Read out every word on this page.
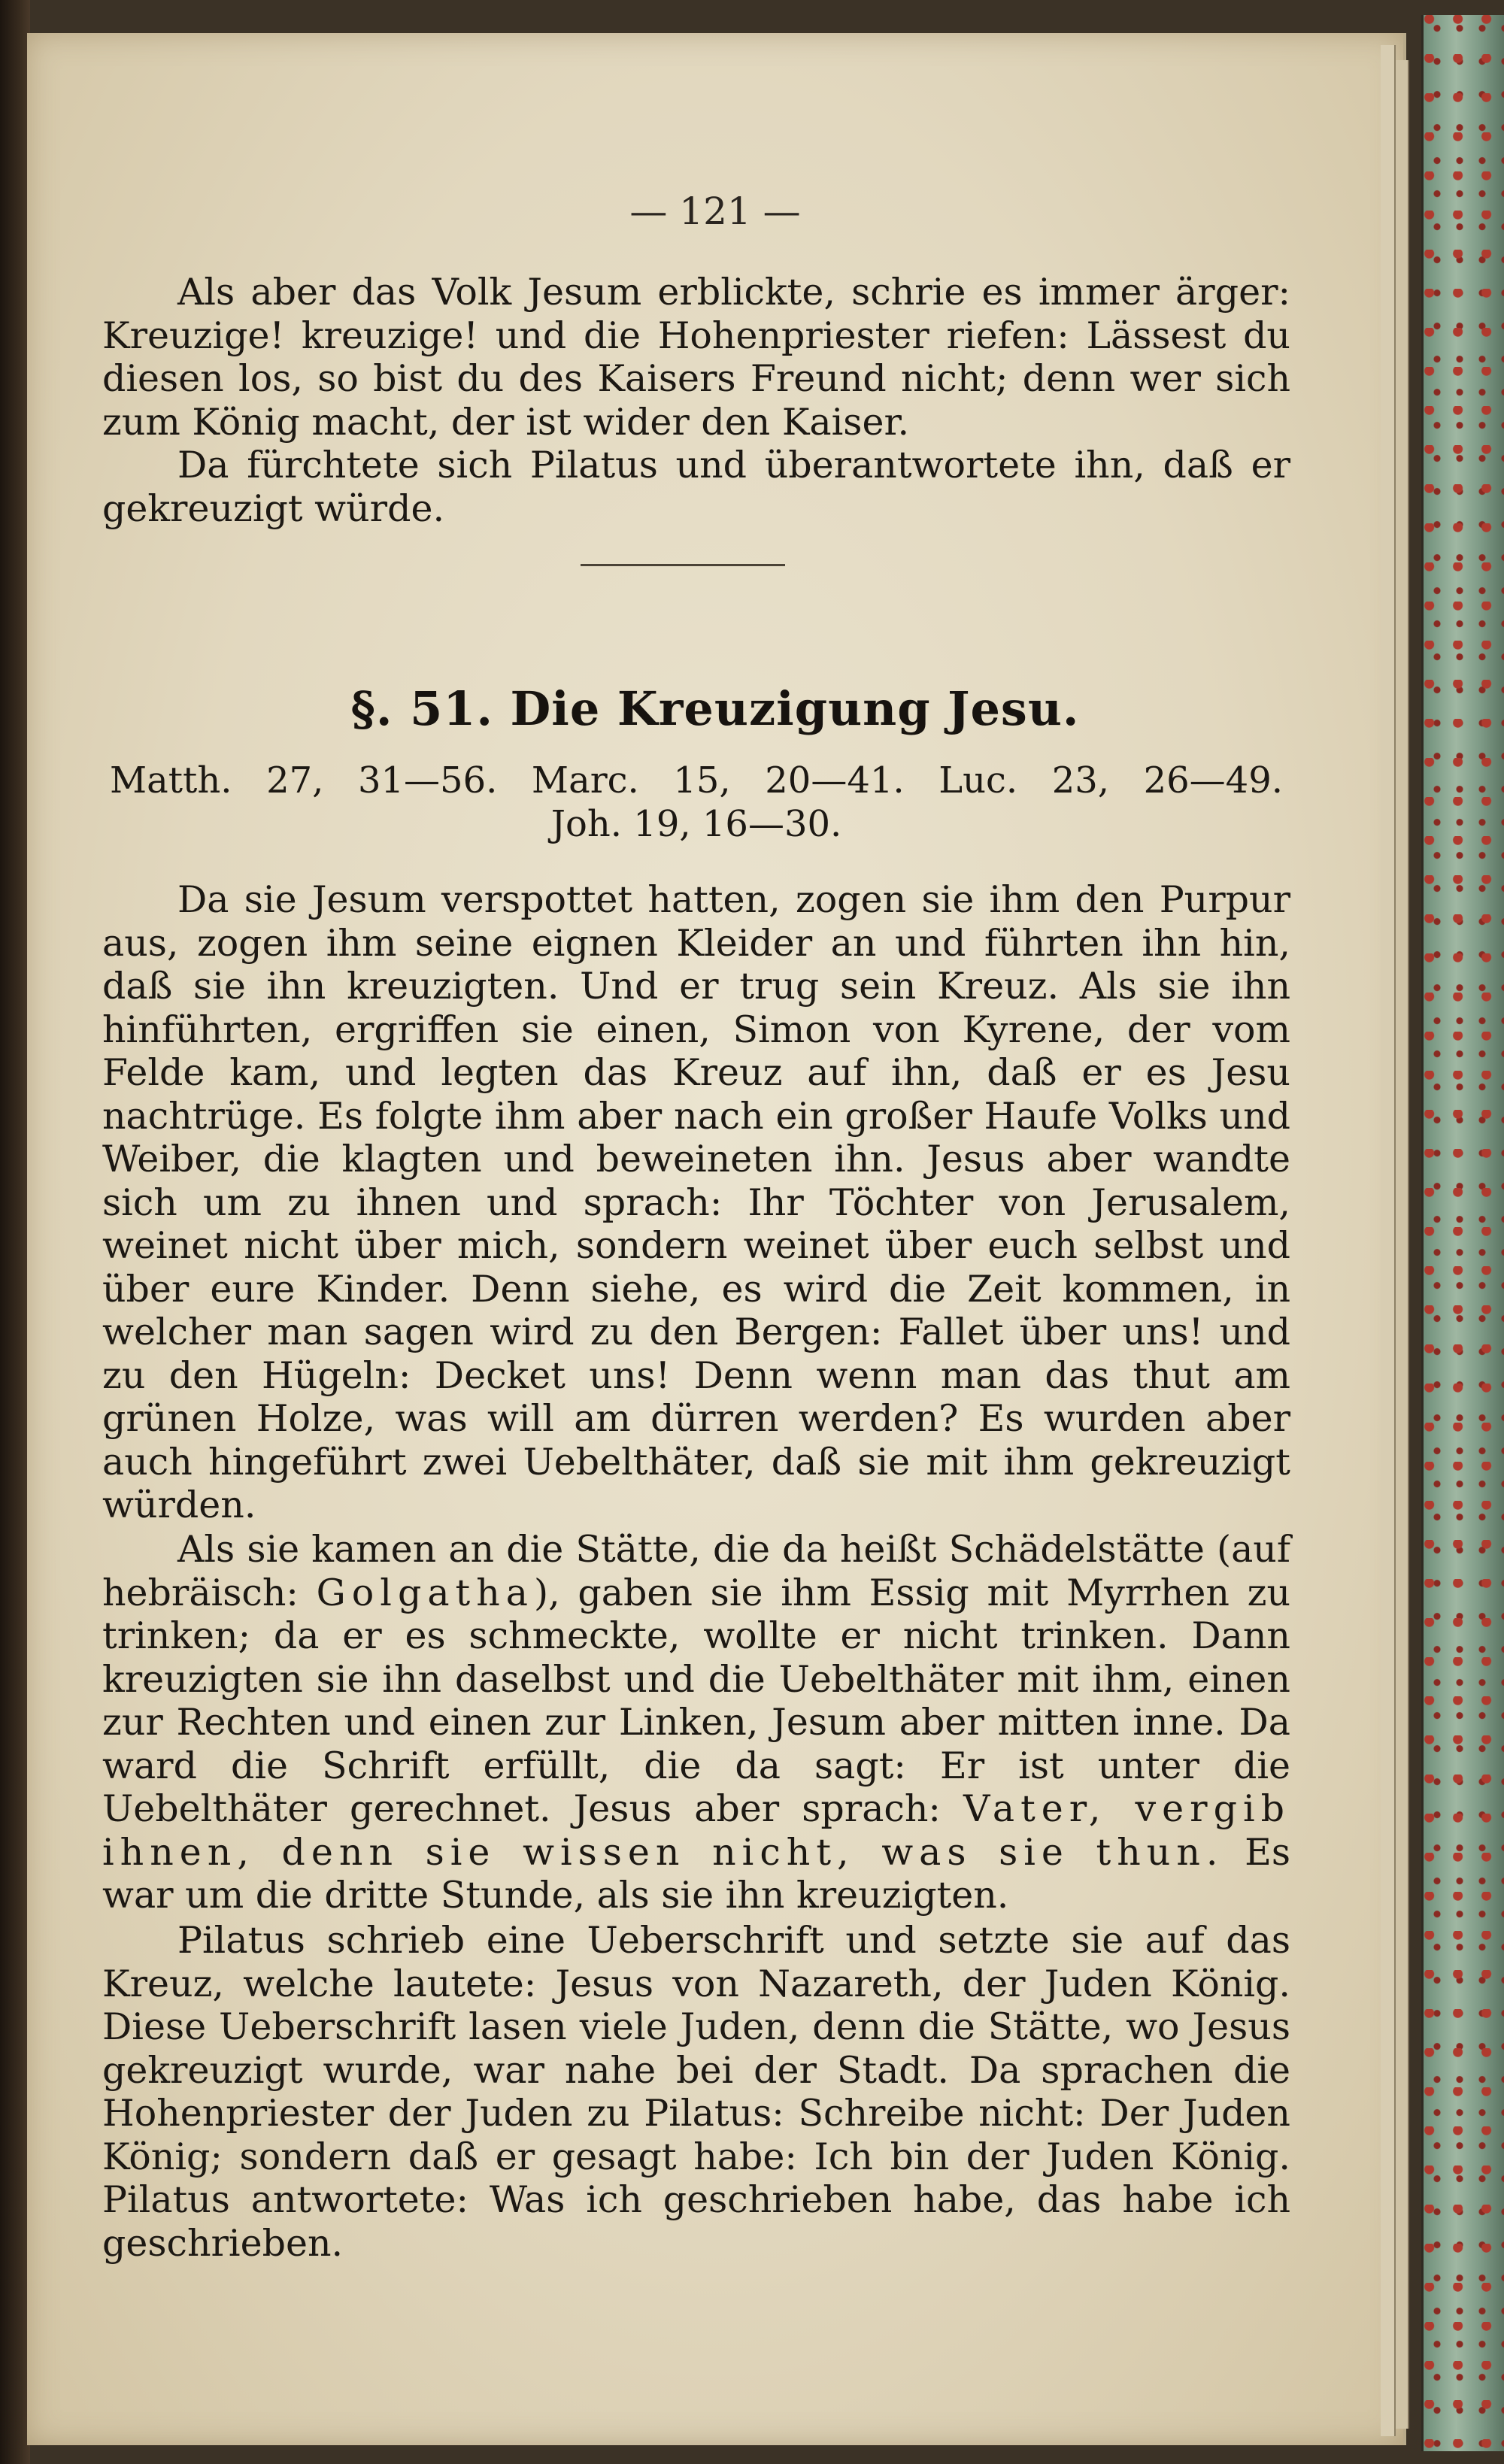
— 121 —
Als aber das Volk Jesum erblickte, schrie es immer ärger: Kreuzige! kreuzige! und die Hohenpriester riefen: Lässest du diesen los, so bist du des Kaisers Freund nicht; denn wer sich zum König macht, der ist wider den Kaiser.
Da fürchtete sich Pilatus und überantwortete ihn, daß er gekreuzigt würde.
§. 51. Die Kreuzigung Jesu.
Matth. 27, 31—56. Marc. 15, 20—41. Luc. 23, 26—49.
Joh. 19, 16—30.
Da sie Jesum verspottet hatten, zogen sie ihm den Purpur aus, zogen ihm seine eignen Kleider an und führten ihn hin, daß sie ihn kreuzigten. Und er trug sein Kreuz. Als sie ihn hinführten, ergriffen sie einen, Simon von Kyrene, der vom Felde kam, und legten das Kreuz auf ihn, daß er es Jesu nachtrüge. Es folgte ihm aber nach ein großer Haufe Volks und Weiber, die klagten und beweineten ihn. Jesus aber wandte sich um zu ihnen und sprach: Ihr Töchter von Jerusalem, weinet nicht über mich, sondern weinet über euch selbst und über eure Kinder. Denn siehe, es wird die Zeit kommen, in welcher man sagen wird zu den Bergen: Fallet über uns! und zu den Hügeln: Decket uns! Denn wenn man das thut am grünen Holze, was will am dürren werden? Es wurden aber auch hingeführt zwei Uebelthäter, daß sie mit ihm gekreuzigt würden.
Als sie kamen an die Stätte, die da heißt Schädelstätte (auf hebräisch: Golgatha), gaben sie ihm Essig mit Myrrhen zu trinken; da er es schmeckte, wollte er nicht trinken. Dann kreuzigten sie ihn daselbst und die Uebelthäter mit ihm, einen zur Rechten und einen zur Linken, Jesum aber mitten inne. Da ward die Schrift erfüllt, die da sagt: Er ist unter die Uebelthäter gerechnet. Jesus aber sprach: Vater, vergib ihnen, denn sie wissen nicht, was sie thun. Es war um die dritte Stunde, als sie ihn kreuzigten.
Pilatus schrieb eine Ueberschrift und setzte sie auf das Kreuz, welche lautete: Jesus von Nazareth, der Juden König. Diese Ueberschrift lasen viele Juden, denn die Stätte, wo Jesus gekreuzigt wurde, war nahe bei der Stadt. Da sprachen die Hohenpriester der Juden zu Pilatus: Schreibe nicht: Der Juden König; sondern daß er gesagt habe: Ich bin der Juden König. Pilatus antwortete: Was ich geschrieben habe, das habe ich geschrieben.
